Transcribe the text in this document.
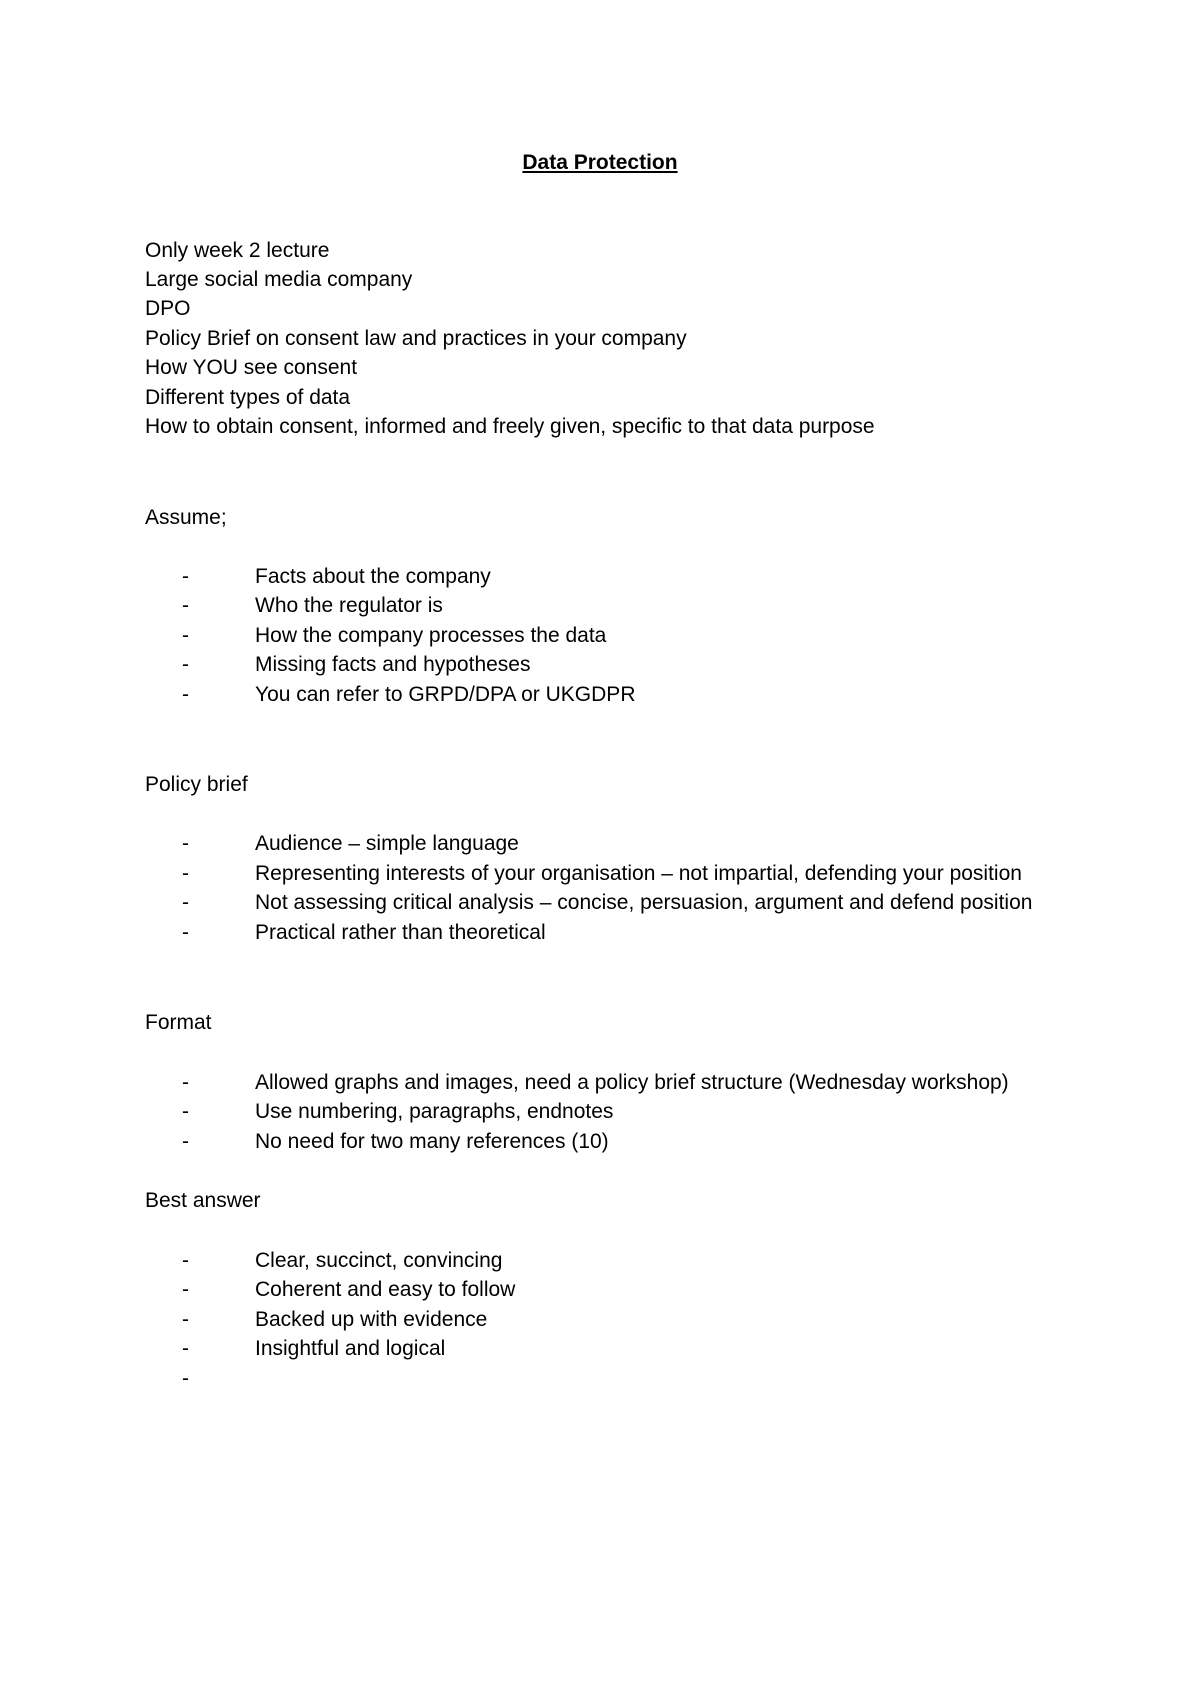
Data Protection
Only week 2 lecture
Large social media company
DPO
Policy Brief on consent law and practices in your company
How YOU see consent
Different types of data
How to obtain consent, informed and freely given, specific to that data purpose
Assume;
-	Facts about the company
-	Who the regulator is
-	How the company processes the data
-	Missing facts and hypotheses
-	You can refer to GRPD/DPA or UKGDPR
Policy brief
-	Audience – simple language
-	Representing interests of your organisation – not impartial, defending your position
-	Not assessing critical analysis – concise, persuasion, argument and defend position
-	Practical rather than theoretical
Format
-	Allowed graphs and images, need a policy brief structure (Wednesday workshop)
-	Use numbering, paragraphs, endnotes
-	No need for two many references (10)
Best answer
-	Clear, succinct, convincing
-	Coherent and easy to follow
-	Backed up with evidence
-	Insightful and logical
-
